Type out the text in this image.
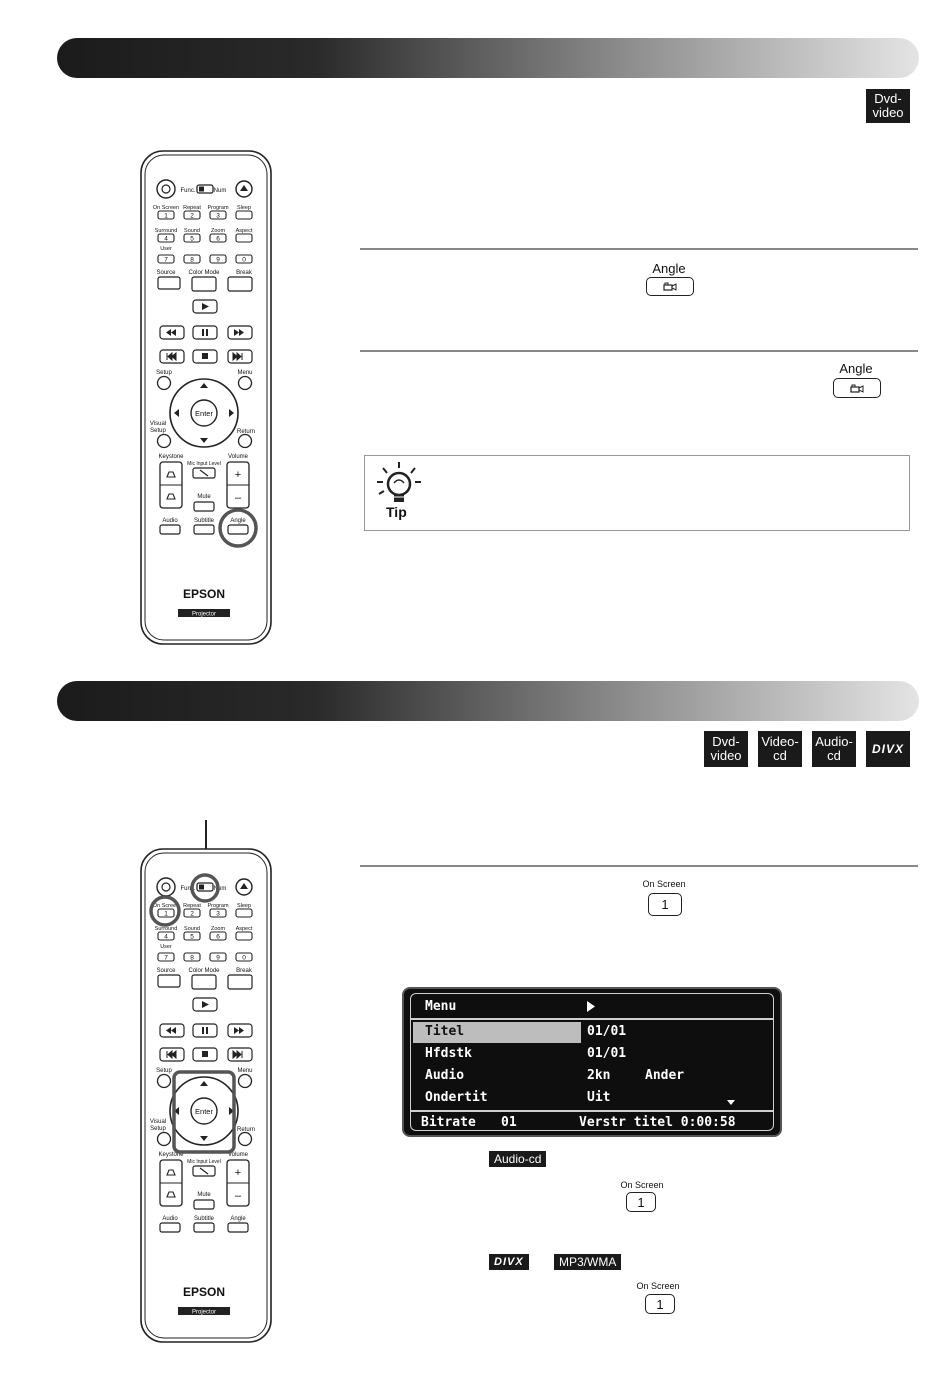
Dvd-
video
Func.	Num
On Screen
1
Repeat
2
Program
3
Sleep
Surround
4
Sound
5
Zoom
6
Aspect
User
7	8	9	0
Source Color Mode	Break
Setup	Menu
Enter
Visual
Setup	Return
Keystone
Mic Input Level
Volume
+
–
Mute
Audio	Subtitle	Angle
EPSON
Projector
Angle
Angle
Tip
Dvd-
video
Video-
cd
Audio-
cd	DIVX
Func.	Num
On Screen
1
Repeat
2
Program
3
Sleep
Surround
4
Sound
5
Zoom
6
Aspect
User
7	8	9	0
Source Color Mode	Break
Setup	Menu
Enter
Visual
Setup	Return
Keystone
Mic Input Level
Volume
+
–
Mute
Audio	Subtitle	Angle
EPSON
Projector
On Screen
1
Menu
Titel	01/01
Hfdstk	01/01
Audio	2kn	Ander
Ondertit	Uit
Bitrate 01	Verstr titel 0:00:58
Audio-cd
On Screen
1
DIVX	MP3/WMA
On Screen
1
